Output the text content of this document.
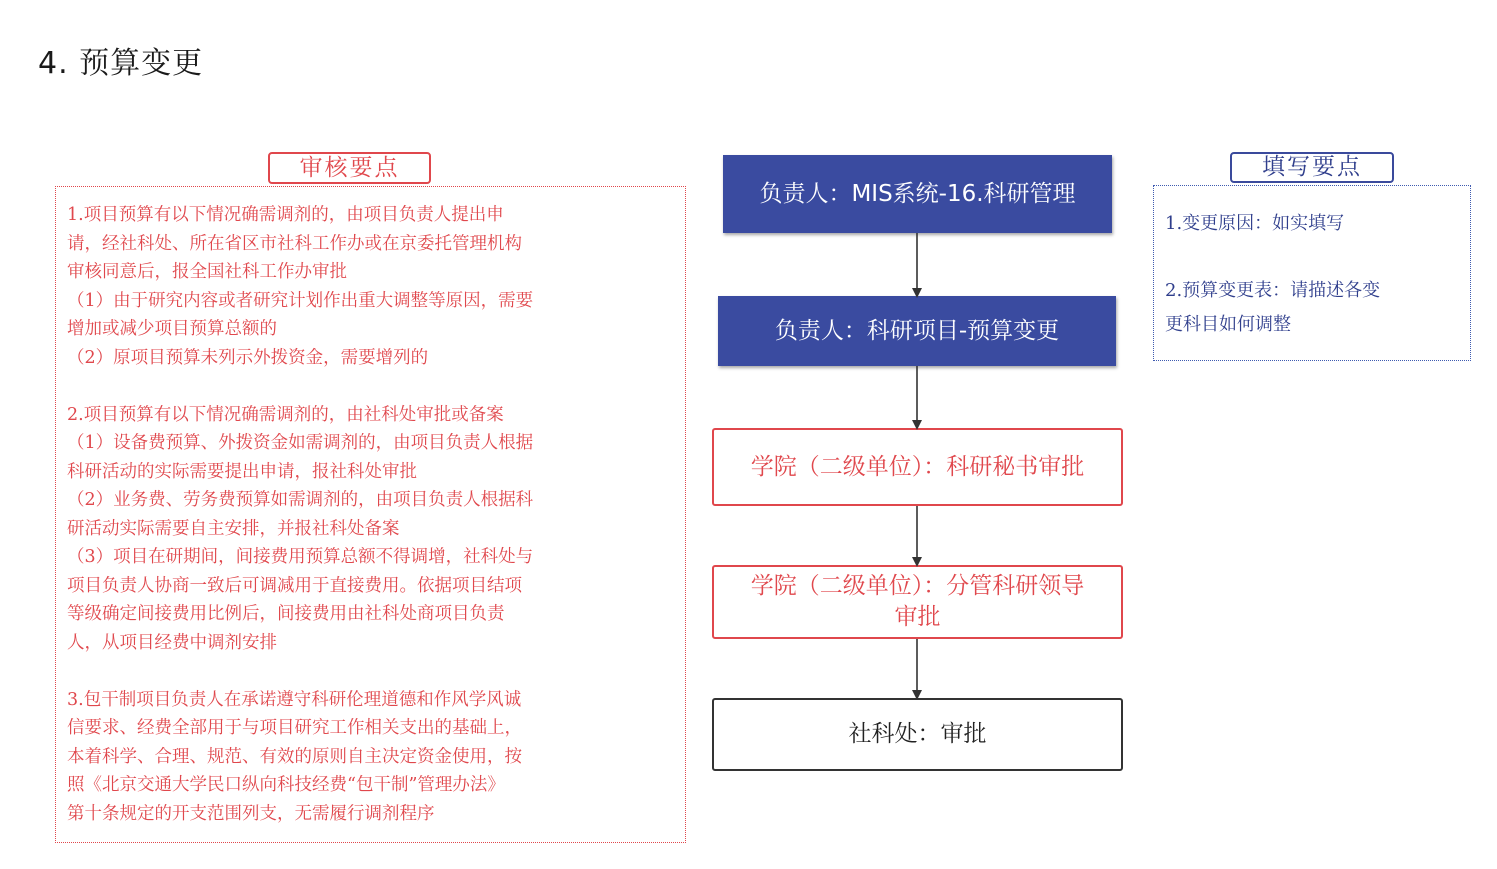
4. 预算变更
审核要点
1.项目预算有以下情况确需调剂的，由项目负责人提出申
请，经社科处、所在省区市社科工作办或在京委托管理机构
审核同意后，报全国社科工作办审批
（1）由于研究内容或者研究计划作出重大调整等原因，需要
增加或减少项目预算总额的
（2）原项目预算未列示外拨资金，需要增列的
2.项目预算有以下情况确需调剂的，由社科处审批或备案
（1）设备费预算、外拨资金如需调剂的，由项目负责人根据
科研活动的实际需要提出申请，报社科处审批
（2）业务费、劳务费预算如需调剂的，由项目负责人根据科
研活动实际需要自主安排，并报社科处备案
（3）项目在研期间，间接费用预算总额不得调增，社科处与
项目负责人协商一致后可调减用于直接费用。依据项目结项
等级确定间接费用比例后，间接费用由社科处商项目负责
人，从项目经费中调剂安排
3.包干制项目负责人在承诺遵守科研伦理道德和作风学风诚
信要求、经费全部用于与项目研究工作相关支出的基础上，
本着科学、合理、规范、有效的原则自主决定资金使用，按
照《北京交通大学民口纵向科技经费“包干制”管理办法》
第十条规定的开支范围列支，无需履行调剂程序
填写要点
1.变更原因：如实填写
2.预算变更表：请描述各变
更科目如何调整
负责人：MIS系统-16.科研管理
负责人：科研项目-预算变更
学院（二级单位）：科研秘书审批
学院（二级单位）：分管科研领导
审批
社科处：审批
